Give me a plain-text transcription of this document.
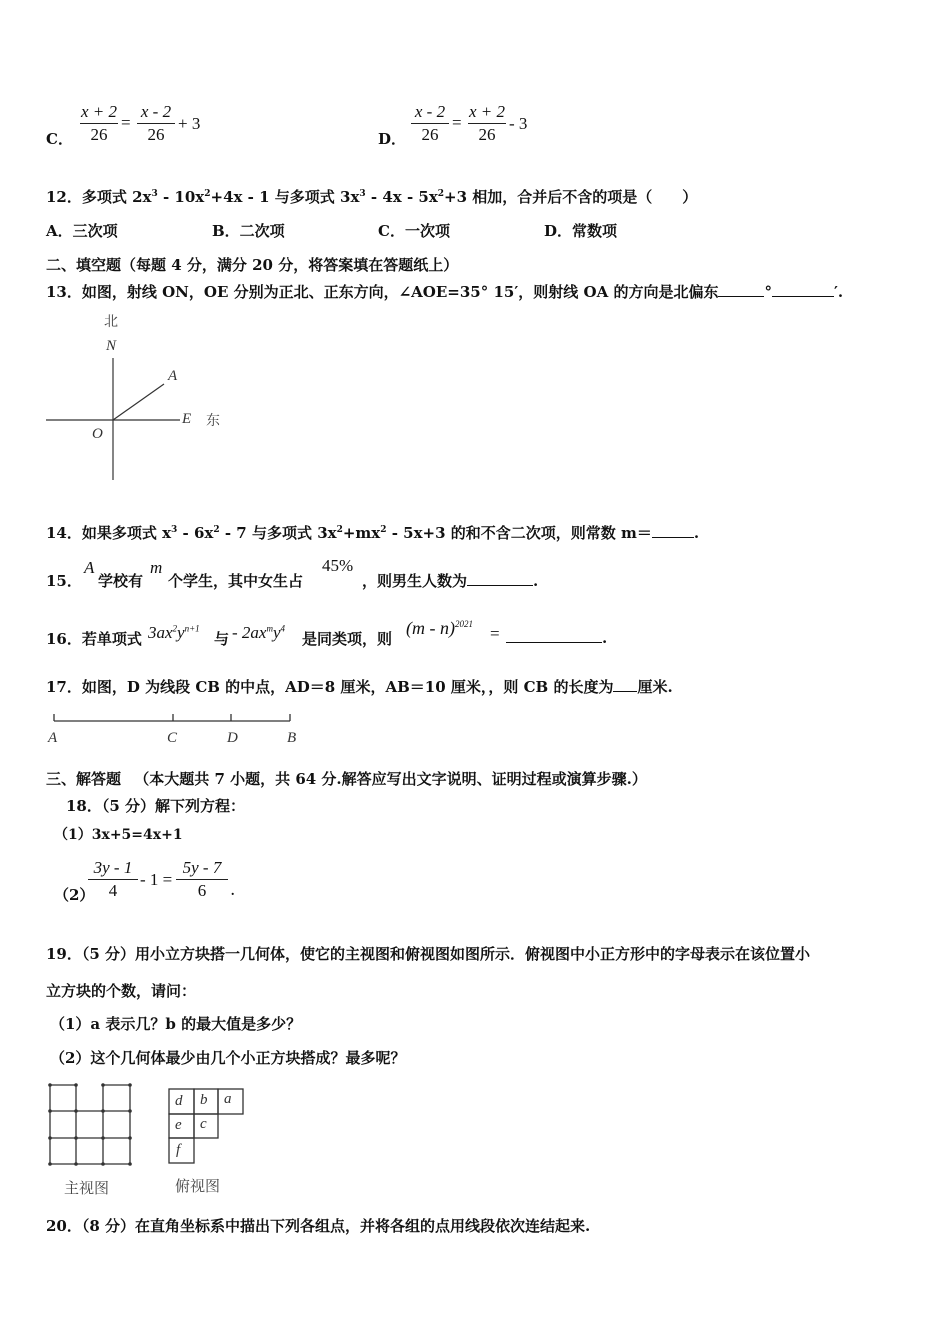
C．
x + 2
26
=
x - 2
26
+ 3
D．
x - 2
26
=
x + 2
26
- 3
12．多项式 $2x^3 - 10x^2+4x - 1$ 与多项式 $3x^3 - 4x - 5x^2+3$ 相加，合并后不含的项是（　　）
A．三次项	B．二次项	C．一次项	D．常数项
二、填空题（每题 4 分，满分 20 分，将答案填在答题纸上）
13．如图，射线 ON，OE 分别为正北、正东方向，∠AOE=35° 15′，则射线 OA 的方向是北偏东	°	′.
北
N
A
E 东
O
14．如果多项式 $x^3 - 6x^2 - 7$ 与多项式 $3x^2+mx^2 - 5x+3$ 的和不含二次项，则常数 m＝	.
15．
A
学校有
m
个学生，其中女生占
45%
，则男生人数为	.
16．若单项式 $3ax^2y^{n+1}$
与 - $2ax^my^4$
是同类项，则
(m - n)$^{2021}$ =	.
17．如图，D 为线段 CB 的中点，AD＝8 厘米，AB＝10 厘米，，则 CB 的长度为 厘米.
A	C	D	B
三、解答题 （本大题共 7 小题，共 64 分.解答应写出文字说明、证明过程或演算步骤.）
18．（5 分）解下列方程：
（1）3x+5=4x+1
（2）
3y - 1
4
- 1 =
5y - 7
6	.
19．（5 分）用小立方块搭一几何体，使它的主视图和俯视图如图所示．俯视图中小正方形中的字母表示在该位置小
立方块的个数，请问：
（1）a 表示几？b 的最大值是多少？
（2）这个几何体最少由几个小正方块搭成？最多呢？
主视图
d b a
e c
f
俯视图
20．（8 分）在直角坐标系中描出下列各组点，并将各组的点用线段依次连结起来.
